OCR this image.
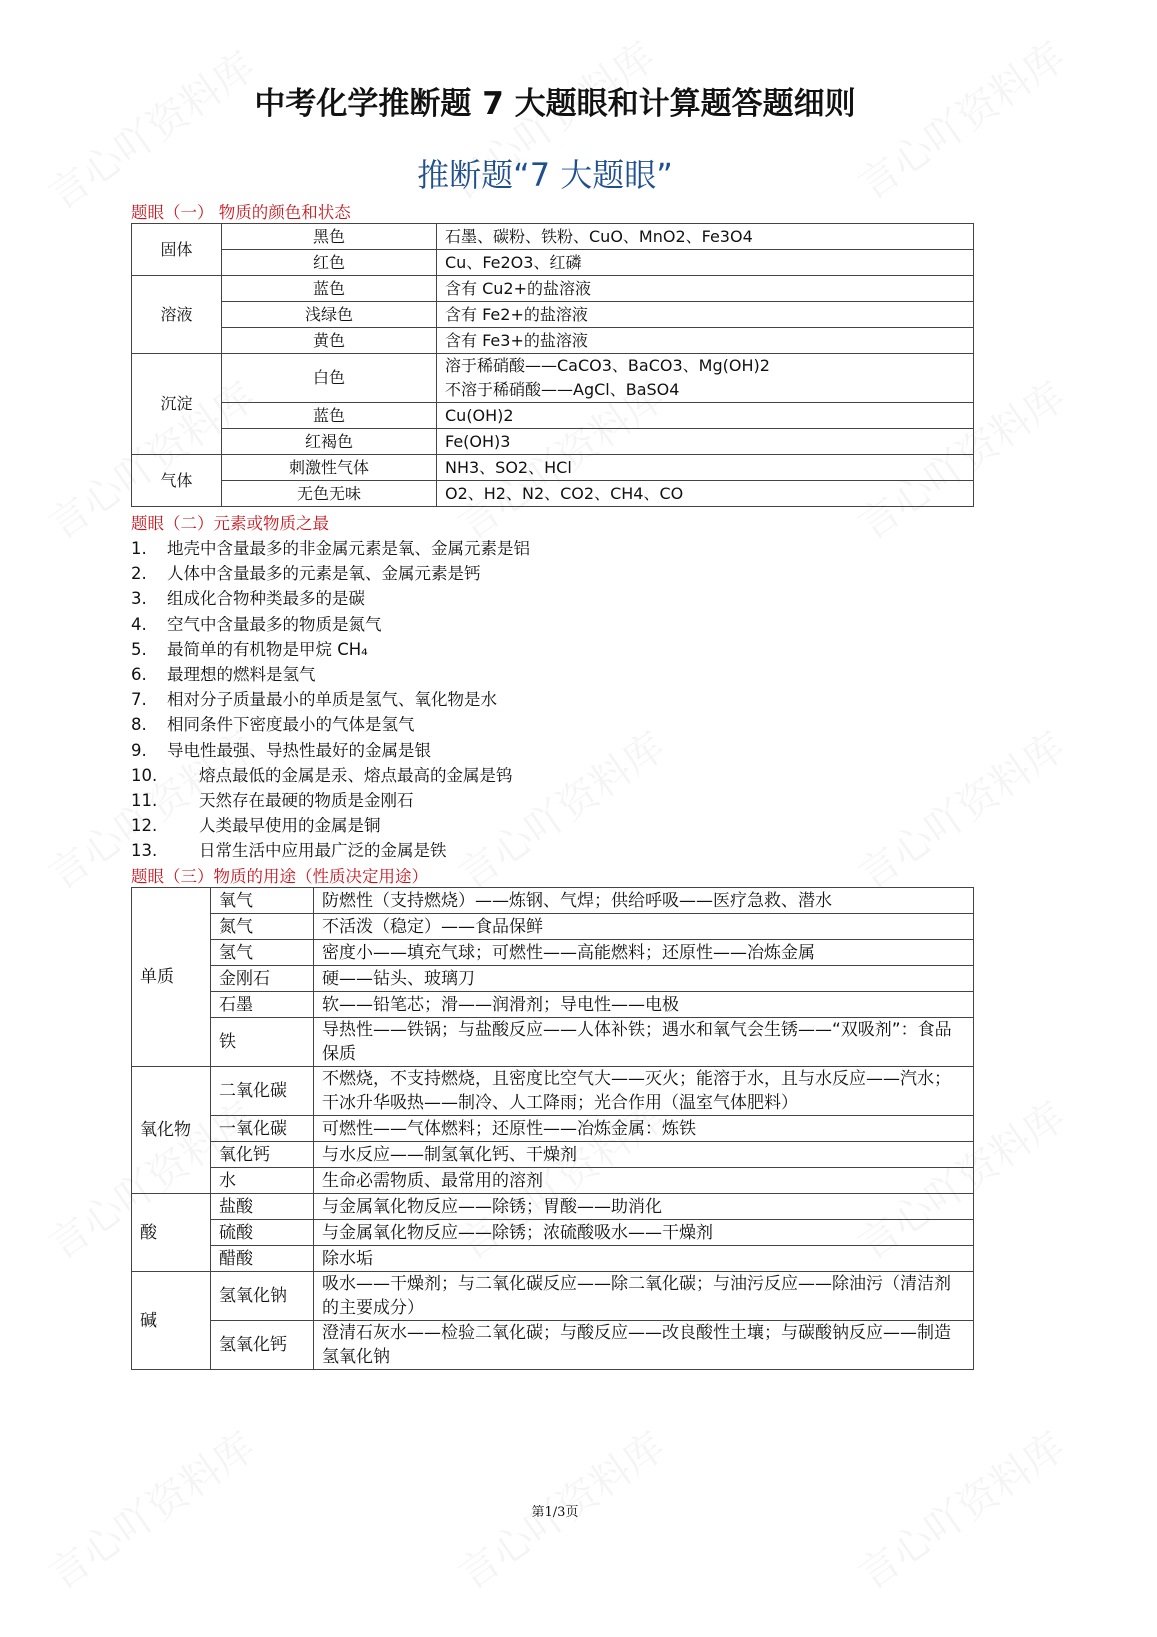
中考化学推断题 7 大题眼和计算题答题细则
推断题“7 大题眼”
题眼（一） 物质的颜色和状态
固体	黑色	石墨、碳粉、铁粉、CuO、MnO2、Fe3O4
	红色	Cu、Fe2O3、红磷
溶液	蓝色	含有 Cu2+的盐溶液
	浅绿色	含有 Fe2+的盐溶液
	黄色	含有 Fe3+的盐溶液
沉淀	白色	溶于稀硝酸——CaCO3、BaCO3、Mg(OH)2
不溶于稀硝酸——AgCl、BaSO4
	蓝色	Cu(OH)2
	红褐色	Fe(OH)3
气体	刺激性气体	NH3、SO2、HCl
	无色无味	O2、H2、N2、CO2、CH4、CO
题眼（二）元素或物质之最
1.	地壳中含量最多的非金属元素是氧、金属元素是铝
2.	人体中含量最多的元素是氧、金属元素是钙
3.	组成化合物种类最多的是碳
4.	空气中含量最多的物质是氮气
5.	最简单的有机物是甲烷 CH₄
6.	最理想的燃料是氢气
7.	相对分子质量最小的单质是氢气、氧化物是水
8.	相同条件下密度最小的气体是氢气
9.	导电性最强、导热性最好的金属是银
10.	熔点最低的金属是汞、熔点最高的金属是钨
11.	天然存在最硬的物质是金刚石
12.	人类最早使用的金属是铜
13.	日常生活中应用最广泛的金属是铁
题眼（三）物质的用途（性质决定用途）
单质	氧气	防燃性（支持燃烧）——炼钢、气焊；供给呼吸——医疗急救、潜水
	氮气	不活泼（稳定）——食品保鲜
	氢气	密度小——填充气球；可燃性——高能燃料；还原性——冶炼金属
	金刚石	硬——钻头、玻璃刀
	石墨	软——铅笔芯；滑——润滑剂；导电性——电极
	铁	导热性——铁锅；与盐酸反应——人体补铁；遇水和氧气会生锈——“双吸剂”：食品保质
氧化物	二氧化碳	不燃烧，不支持燃烧，且密度比空气大——灭火；能溶于水，且与水反应——汽水；干冰升华吸热——制冷、人工降雨；光合作用（温室气体肥料）
	一氧化碳	可燃性——气体燃料；还原性——冶炼金属：炼铁
	氧化钙	与水反应——制氢氧化钙、干燥剂
	水	生命必需物质、最常用的溶剂
酸	盐酸	与金属氧化物反应——除锈；胃酸——助消化
	硫酸	与金属氧化物反应——除锈；浓硫酸吸水——干燥剂
	醋酸	除水垢
碱	氢氧化钠	吸水——干燥剂；与二氧化碳反应——除二氧化碳；与油污反应——除油污（清洁剂的主要成分）
	氢氧化钙	澄清石灰水——检验二氧化碳；与酸反应——改良酸性土壤；与碳酸钠反应——制造氢氧化钠
第1/3页
